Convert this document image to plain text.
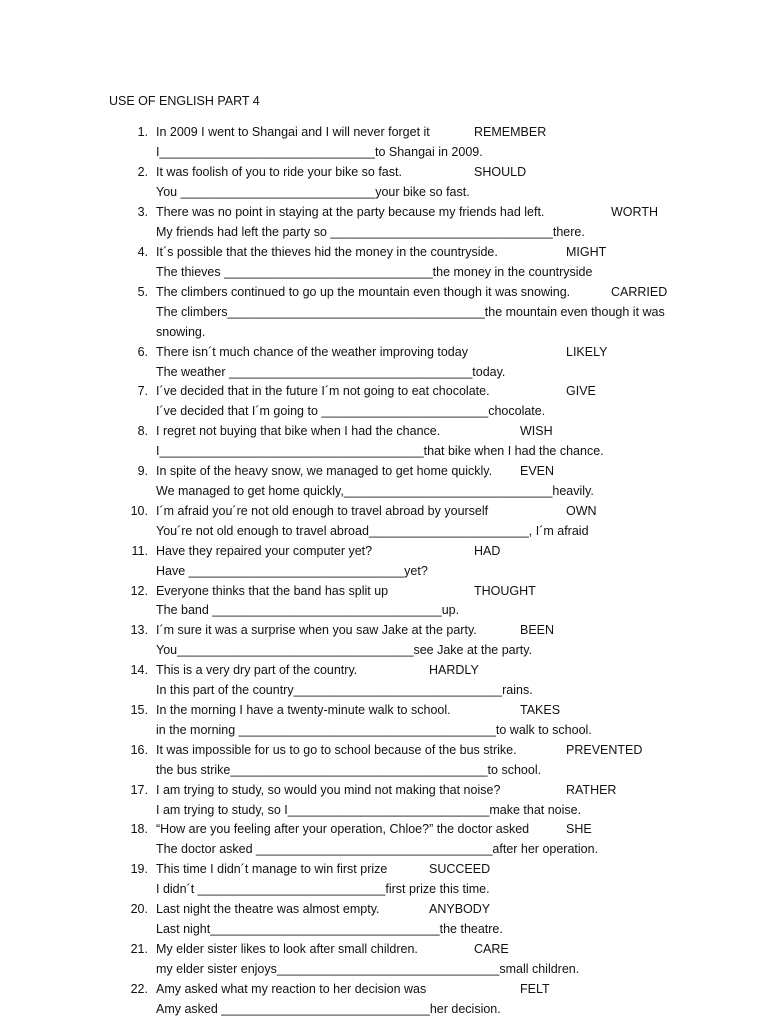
USE OF ENGLISH PART 4
1. In 2009 I went to Shangai and I will never forget it	REMEMBER
I_______________________________to Shangai in 2009.
2. It was foolish of you to ride your bike so fast.	SHOULD
You ____________________________your bike so fast.
3. There was no point in staying at the party because my friends had left.	WORTH
My friends had left the party so ________________________________there.
4. It´s possible that the thieves hid the money in the countryside.	MIGHT
The thieves ______________________________the money in the countryside
5. The climbers continued to go up the mountain even though it was snowing.	CARRIED
The climbers_____________________________________the mountain even though it was
snowing.
6. There isn´t much chance of the weather improving today	LIKELY
The weather ___________________________________today.
7. I´ve decided that in the future I´m not going to eat chocolate.	GIVE
I´ve decided that I´m going to ________________________chocolate.
8. I regret not buying that bike when I had the chance.	WISH
I______________________________________that bike when I had the chance.
9. In spite of the heavy snow, we managed to get home quickly. EVEN
We managed to get home quickly,______________________________heavily.
10. I´m afraid you´re not old enough to travel abroad by yourself	OWN
You´re not old enough to travel abroad_______________________, I´m afraid
11. Have they repaired your computer yet?	HAD
Have _______________________________yet?
12. Everyone thinks that the band has split up	THOUGHT
The band _________________________________up.
13. I´m sure it was a surprise when you saw Jake at the party.	BEEN
You__________________________________see Jake at the party.
14. This is a very dry part of the country.	HARDLY
In this part of the country______________________________rains.
15. In the morning I have a twenty-minute walk to school.	TAKES
in the morning _____________________________________to walk to school.
16. It was impossible for us to go to school because of the bus strike.	PREVENTED
the bus strike_____________________________________to school.
17. I am trying to study, so would you mind not making that noise?	RATHER
I am trying to study, so I_____________________________make that noise.
18. “How are you feeling after your operation, Chloe?” the doctor asked	SHE
The doctor asked __________________________________after her operation.
19. This time I didn´t manage to win first prize	SUCCEED
I didn´t ___________________________first prize this time.
20. Last night the theatre was almost empty.	ANYBODY
Last night_________________________________the theatre.
21. My elder sister likes to look after small children.	CARE
my elder sister enjoys________________________________small children.
22. Amy asked what my reaction to her decision was	FELT
Amy asked ______________________________her decision.
